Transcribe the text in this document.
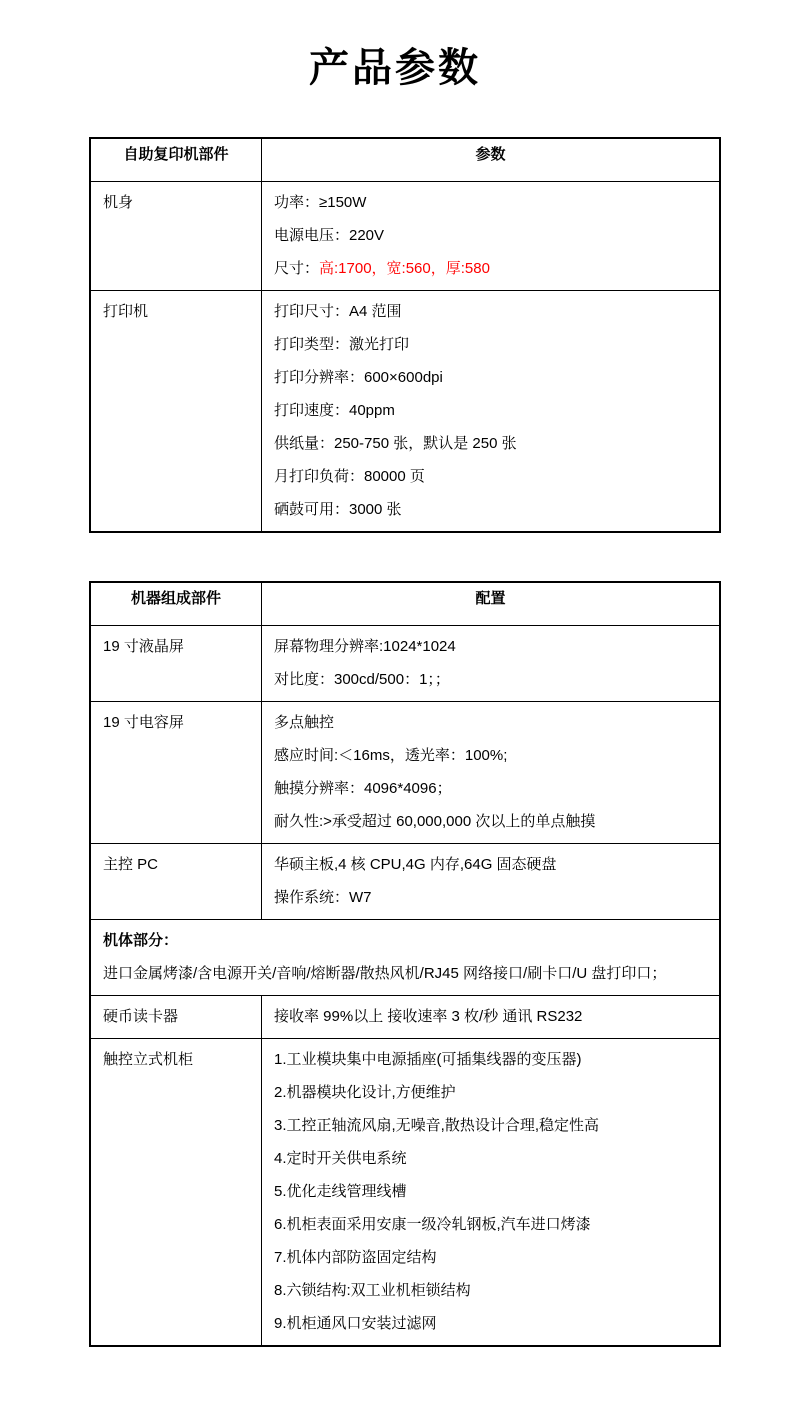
产品参数
自助复印机部件	参数

机身	功率：≥150W

电源电压：220V

尺寸：高:1700，宽:560，厚:580

打印机	打印尺寸：A4 范围

打印类型：激光打印

打印分辨率：600×600dpi

打印速度：40ppm

供纸量：250-750 张，默认是 250 张

月打印负荷：80000 页

硒鼓可用：3000 张

机器组成部件	配置

19 寸液晶屏	屏幕物理分辨率:1024*1024

对比度：300cd/500：1；；

19 寸电容屏	多点触控

感应时间:＜16ms，透光率：100%;

触摸分辨率：4096*4096；

耐久性:>承受超过 60,000,000 次以上的单点触摸

主控 PC	华硕主板,4 核 CPU,4G 内存,64G 固态硬盘

操作系统：W7

机体部分：

进口金属烤漆/含电源开关/音响/熔断器/散热风机/RJ45 网络接口/刷卡口/U 盘打印口；	

硬币读卡器	接收率 99%以上 接收速率 3 枚/秒 通讯 RS232

触控立式机柜	1.工业模块集中电源插座(可插集线器的变压器)

2.机器模块化设计,方便维护

3.工控正轴流风扇,无噪音,散热设计合理,稳定性高

4.定时开关供电系统

5.优化走线管理线槽

6.机柜表面采用安康一级冷轧钢板,汽车进口烤漆

7.机体内部防盗固定结构

8.六锁结构:双工业机柜锁结构

9.机柜通风口安装过滤网
